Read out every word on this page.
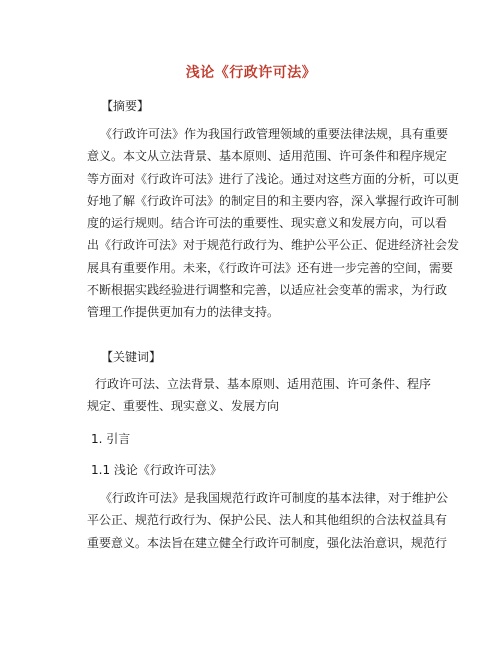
浅论《行政许可法》
【摘要】
《行政许可法》作为我国行政管理领域的重要法律法规，具有重要
意义。本文从立法背景、基本原则、适用范围、许可条件和程序规定
等方面对《行政许可法》进行了浅论。通过对这些方面的分析，可以更
好地了解《行政许可法》的制定目的和主要内容，深入掌握行政许可制
度的运行规则。结合许可法的重要性、现实意义和发展方向，可以看
出《行政许可法》对于规范行政行为、维护公平公正、促进经济社会发
展具有重要作用。未来，《行政许可法》还有进一步完善的空间，需要
不断根据实践经验进行调整和完善，以适应社会变革的需求，为行政
管理工作提供更加有力的法律支持。
【关键词】
行政许可法、立法背景、基本原则、适用范围、许可条件、程序
规定、重要性、现实意义、发展方向
1. 引言
1.1 浅论《行政许可法》
《行政许可法》是我国规范行政许可制度的基本法律，对于维护公
平公正、规范行政行为、保护公民、法人和其他组织的合法权益具有
重要意义。本法旨在建立健全行政许可制度，强化法治意识，规范行
